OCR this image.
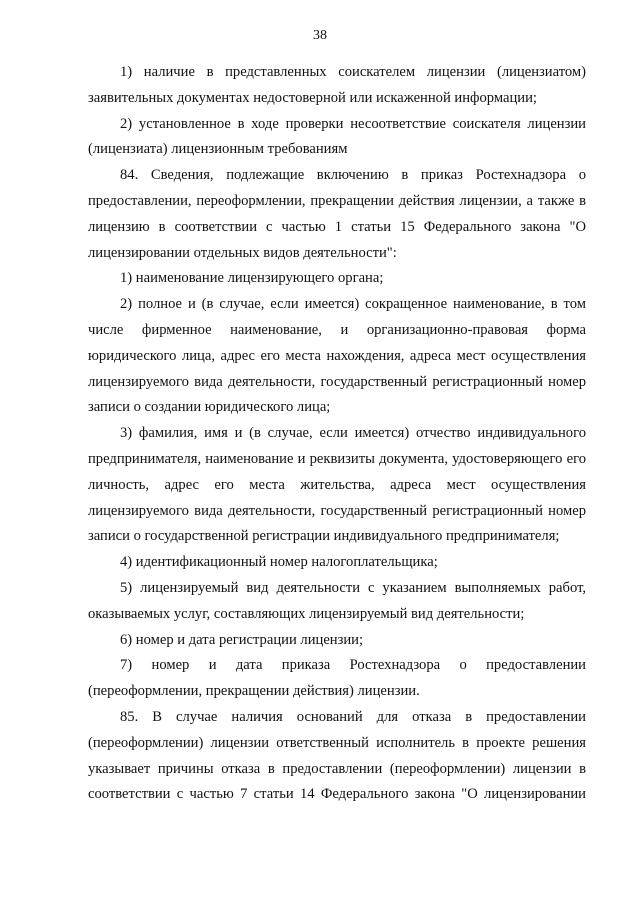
38

1) наличие в представленных соискателем лицензии (лицензиатом) заявительных документах недостоверной или искаженной информации;

2) установленное в ходе проверки несоответствие соискателя лицензии (лицензиата) лицензионным требованиям

84. Сведения, подлежащие включению в приказ Ростехнадзора о предоставлении, переоформлении, прекращении действия лицензии, а также в лицензию в соответствии с частью 1 статьи 15 Федерального закона "О лицензировании отдельных видов деятельности":

1) наименование лицензирующего органа;

2) полное и (в случае, если имеется) сокращенное наименование, в том числе фирменное наименование, и организационно-правовая форма юридического лица, адрес его места нахождения, адреса мест осуществления лицензируемого вида деятельности, государственный регистрационный номер записи о создании юридического лица;

3) фамилия, имя и (в случае, если имеется) отчество индивидуального предпринимателя, наименование и реквизиты документа, удостоверяющего его личность, адрес его места жительства, адреса мест осуществления лицензируемого вида деятельности, государственный регистрационный номер записи о государственной регистрации индивидуального предпринимателя;

4) идентификационный номер налогоплательщика;

5) лицензируемый вид деятельности с указанием выполняемых работ, оказываемых услуг, составляющих лицензируемый вид деятельности;

6) номер и дата регистрации лицензии;

7) номер и дата приказа Ростехнадзора о предоставлении (переоформлении, прекращении действия) лицензии.

85. В случае наличия оснований для отказа в предоставлении (переоформлении) лицензии ответственный исполнитель в проекте решения указывает причины отказа в предоставлении (переоформлении) лицензии в соответствии с частью 7 статьи 14 Федерального закона "О лицензировании
